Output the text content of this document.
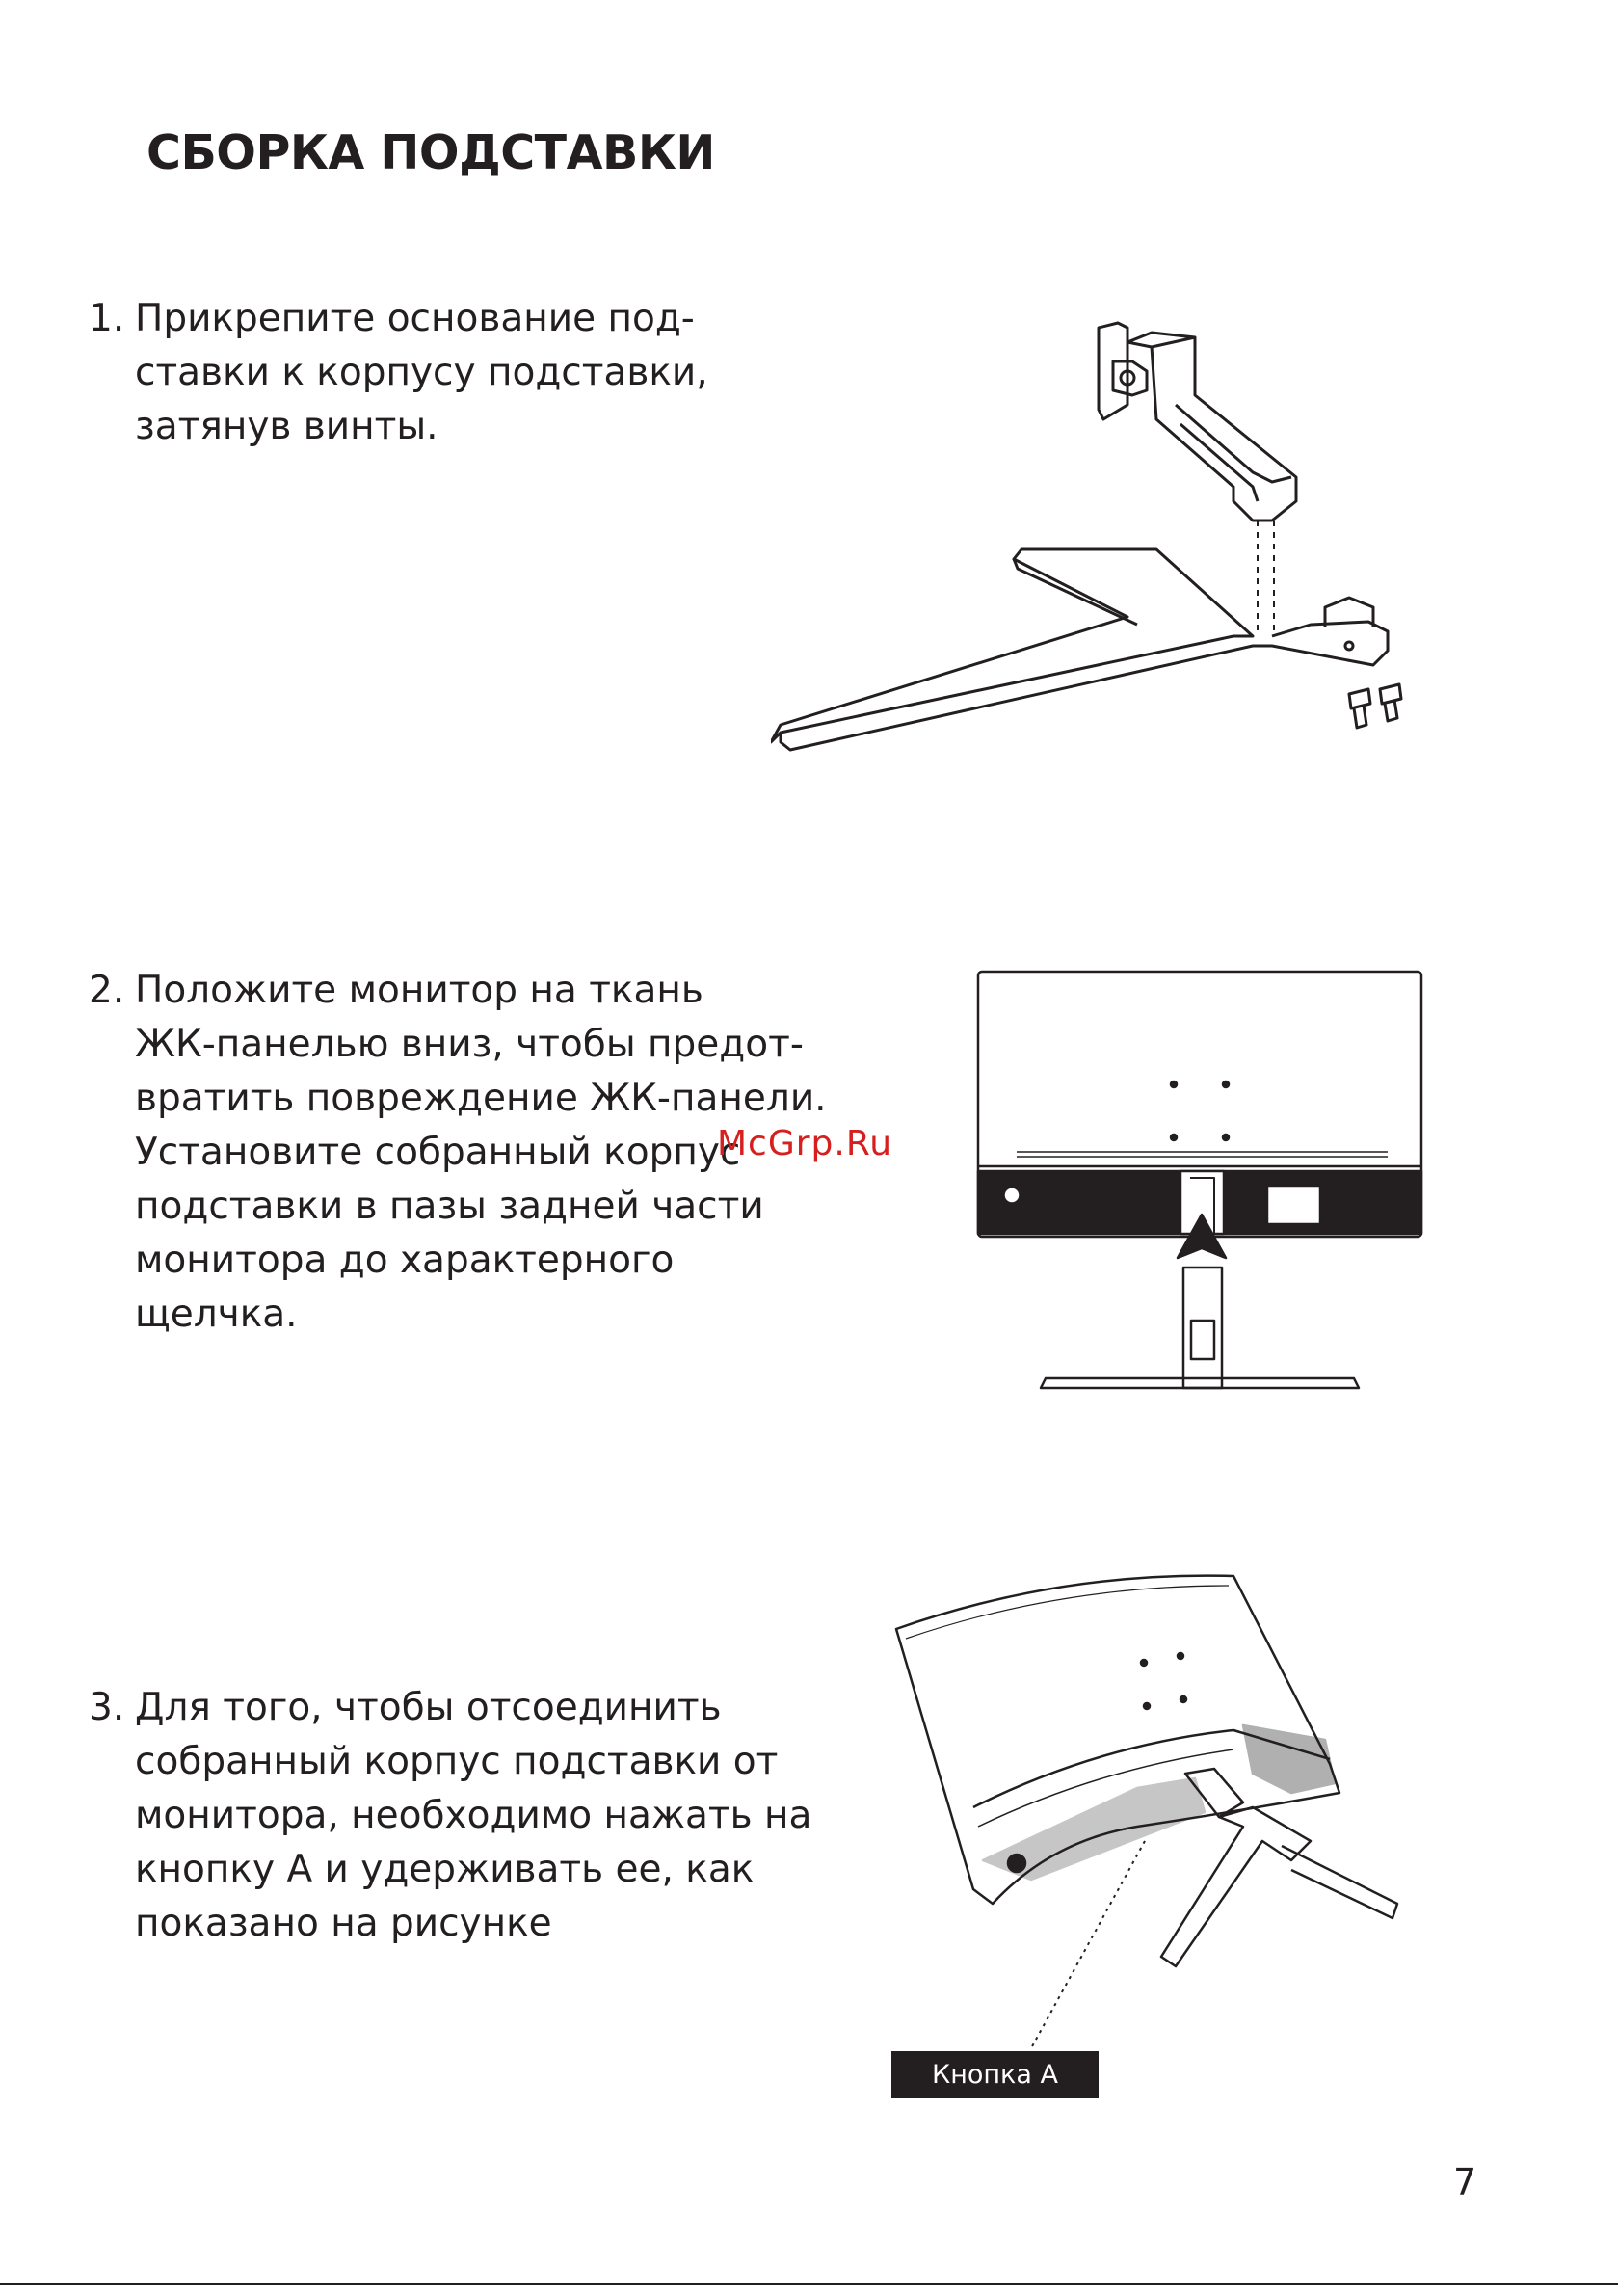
СБОРКА ПОДСТАВКИ

1. Прикрепите основание под-
ставки к корпусу подставки,
затянув винты.

2. Положите монитор на ткань
ЖК-панелью вниз, чтобы предот-
вратить повреждение ЖК-панели.
Установите собранный корпус
подставки в пазы задней части
монитора до характерного
щелчка.

3. Для того, чтобы отсоединить
собранный корпус подставки от
монитора, необходимо нажать на
кнопку А и удерживать ее, как
показано на рисунке

Кнопка А
McGrp.Ru
7
